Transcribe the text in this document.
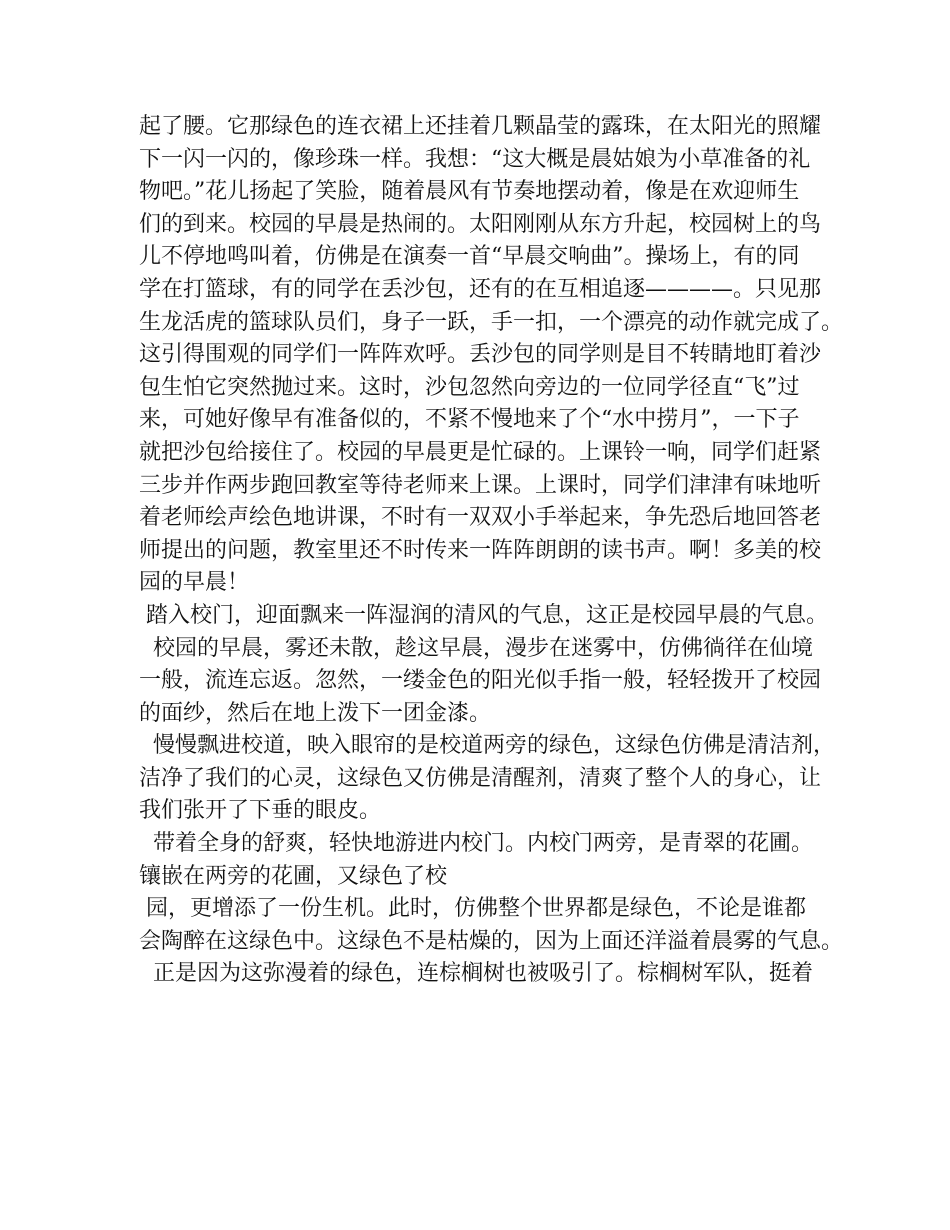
起了腰。它那绿色的连衣裙上还挂着几颗晶莹的露珠，在太阳光的照耀
下一闪一闪的，像珍珠一样。我想：“这大概是晨姑娘为小草准备的礼
物吧。”花儿扬起了笑脸，随着晨风有节奏地摆动着，像是在欢迎师生
们的到来。校园的早晨是热闹的。太阳刚刚从东方升起，校园树上的鸟
儿不停地鸣叫着，仿佛是在演奏一首“早晨交响曲”。操场上，有的同
学在打篮球，有的同学在丢沙包，还有的在互相追逐————。只见那
生龙活虎的篮球队员们，身子一跃，手一扣，一个漂亮的动作就完成了。
这引得围观的同学们一阵阵欢呼。丢沙包的同学则是目不转睛地盯着沙
包生怕它突然抛过来。这时，沙包忽然向旁边的一位同学径直“飞”过
来，可她好像早有准备似的，不紧不慢地来了个“水中捞月”，一下子
就把沙包给接住了。校园的早晨更是忙碌的。上课铃一响，同学们赶紧
三步并作两步跑回教室等待老师来上课。上课时，同学们津津有味地听
着老师绘声绘色地讲课，不时有一双双小手举起来，争先恐后地回答老
师提出的问题，教室里还不时传来一阵阵朗朗的读书声。啊！多美的校
园的早晨！
踏入校门，迎面飘来一阵湿润的清风的气息，这正是校园早晨的气息。
校园的早晨，雾还未散，趁这早晨，漫步在迷雾中，仿佛徜徉在仙境
一般，流连忘返。忽然，一缕金色的阳光似手指一般，轻轻拨开了校园
的面纱，然后在地上泼下一团金漆。
慢慢飘进校道，映入眼帘的是校道两旁的绿色，这绿色仿佛是清洁剂，
洁净了我们的心灵，这绿色又仿佛是清醒剂，清爽了整个人的身心，让
我们张开了下垂的眼皮。
带着全身的舒爽，轻快地游进内校门。内校门两旁，是青翠的花圃。
镶嵌在两旁的花圃，又绿色了校
园，更增添了一份生机。此时，仿佛整个世界都是绿色，不论是谁都
会陶醉在这绿色中。这绿色不是枯燥的，因为上面还洋溢着晨雾的气息。
正是因为这弥漫着的绿色，连棕榈树也被吸引了。棕榈树军队，挺着
